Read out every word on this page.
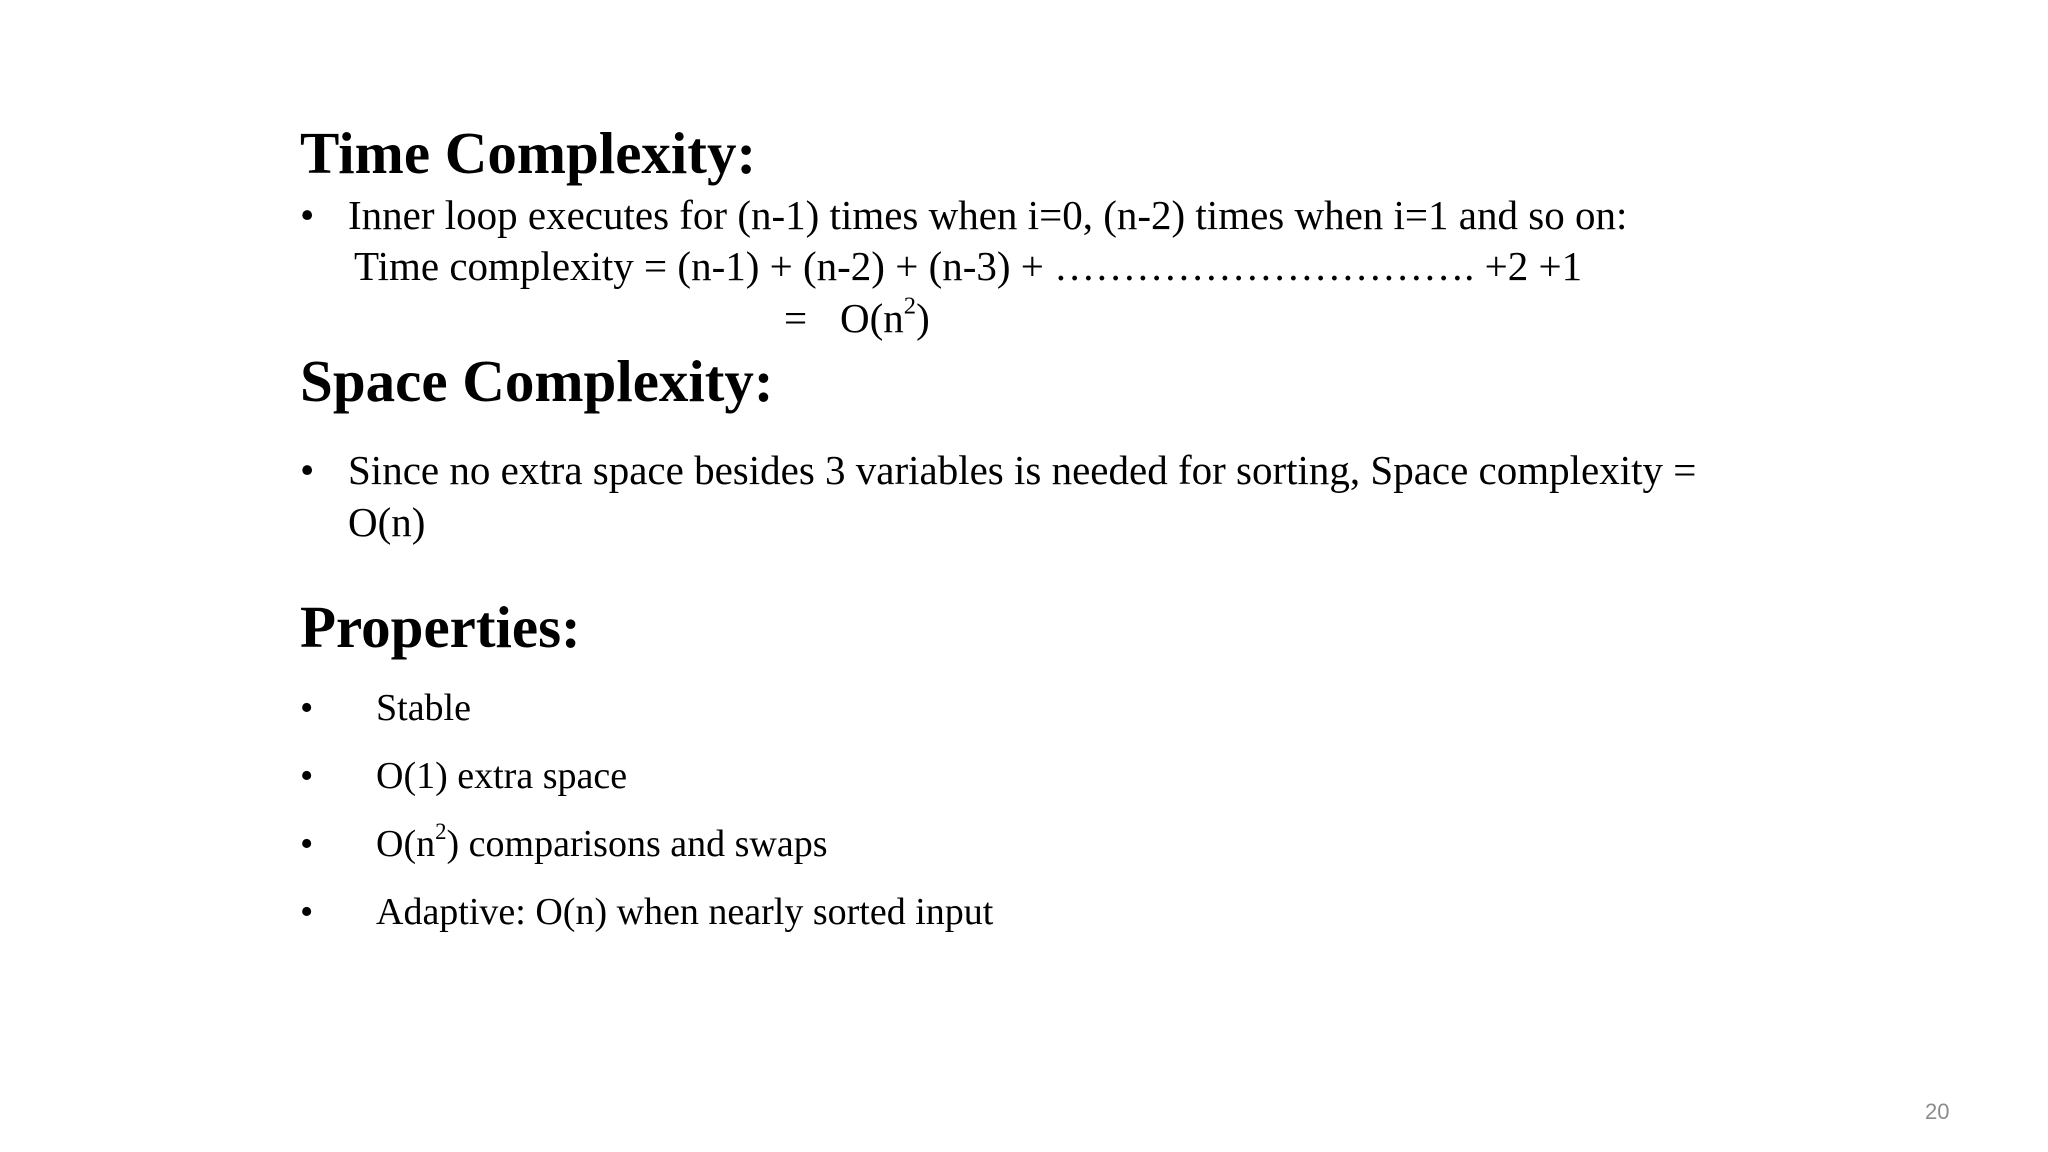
Time Complexity:
• Inner loop executes for (n-1) times when i=0, (n-2) times when i=1 and so on:
Time complexity = (n-1) + (n-2) + (n-3) + …………………………. +2 +1
= $O(n^2)$
Space Complexity:
• Since no extra space besides 3 variables is needed for sorting, Space complexity =
O(n)
Properties:
• Stable
• O(1) extra space
• $O(n^2)$ comparisons and swaps
• Adaptive: O(n) when nearly sorted input
20
